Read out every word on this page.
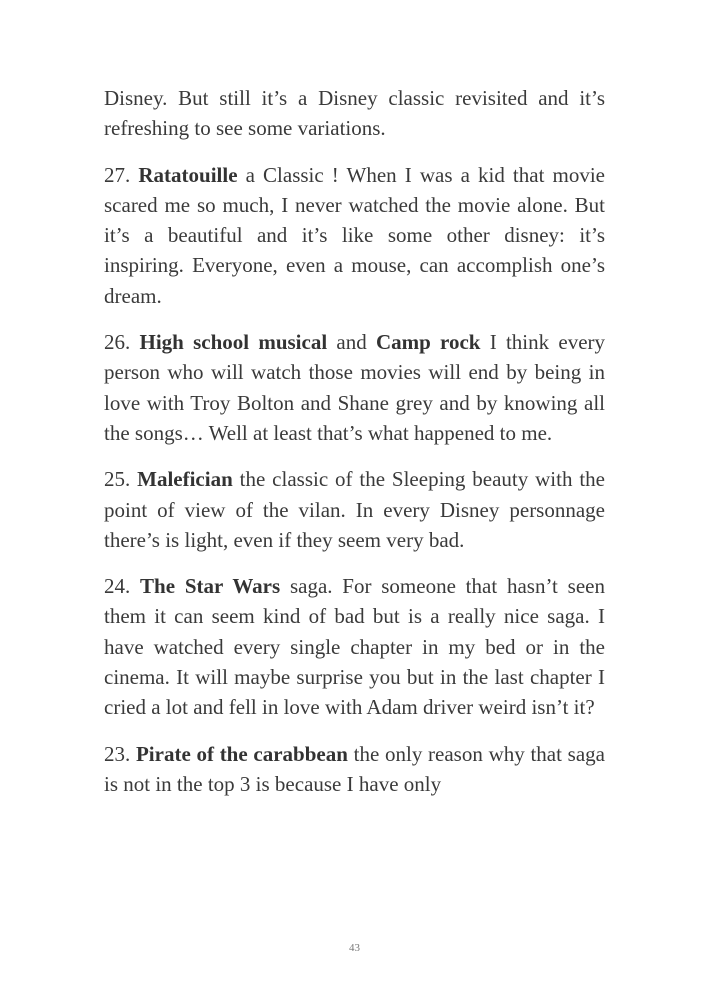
Disney. But still it’s a Disney classic revisited and it’s refreshing to see some variations.

27. Ratatouille a Classic ! When I was a kid that movie scared me so much, I never watched the movie alone. But it’s a beautiful and it’s like some other disney: it’s inspiring. Everyone, even a mouse, can accomplish one’s dream.

26. High school musical and Camp rock I think every person who will watch those movies will end by being in love with Troy Bolton and Shane grey and by knowing all the songs… Well at least that’s what happened to me.

25. Malefician the classic of the Sleeping beauty with the point of view of the vilan. In every Disney personnage there’s is light, even if they seem very bad.

24. The Star Wars saga. For someone that hasn’t seen them it can seem kind of bad but is a really nice saga. I have watched every single chapter in my bed or in the cinema. It will maybe surprise you but in the last chapter I cried a lot and fell in love with Adam driver weird isn’t it?

23. Pirate of the carabbean the only reason why that saga is not in the top 3 is because I have only

43
